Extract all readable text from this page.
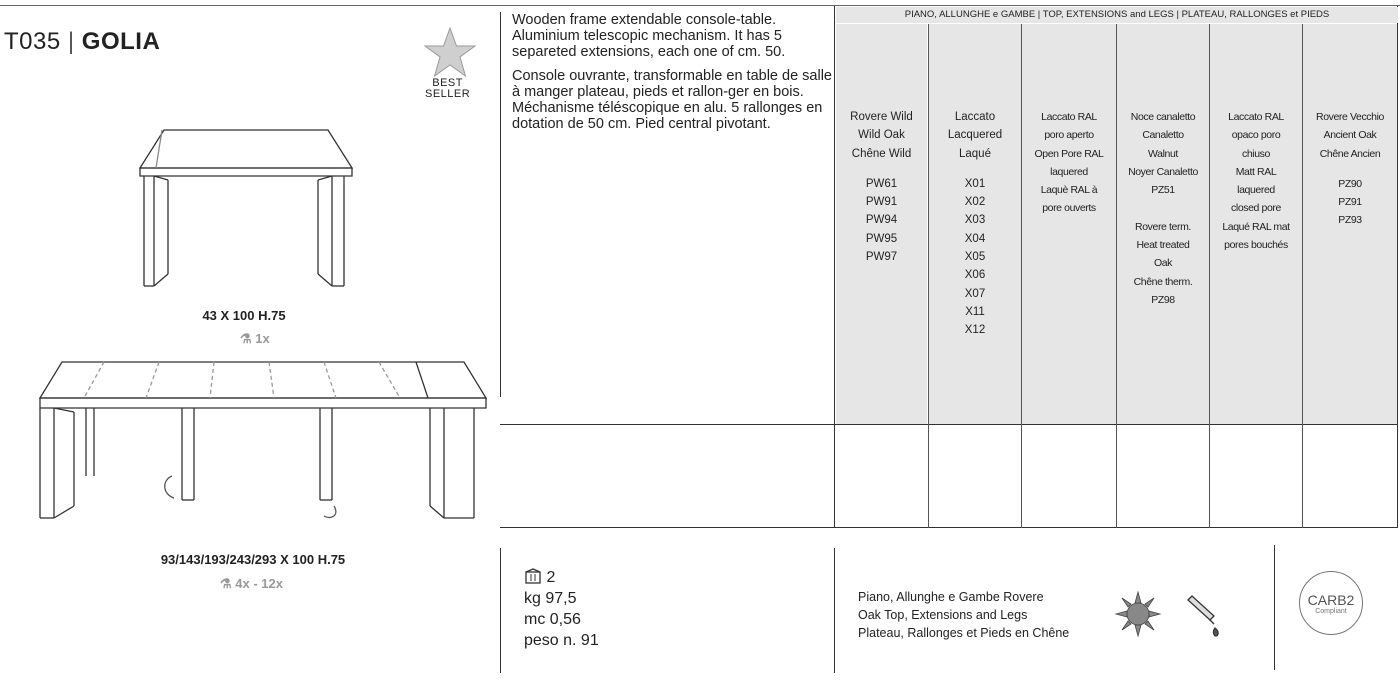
T035 | GOLIA
BEST
SELLER
43 X 100 H.75
⚗ 1x
93/143/193/243/293 X 100 H.75
⚗ 4x - 12x

Wooden frame extendable console-table. Aluminium telescopic mechanism. It has 5 separeted extensions, each one of cm. 50.

Console ouvrante, transformable en table de salle à manger plateau, pieds et rallon-ger en bois. Méchanisme téléscopique en alu. 5 rallonges en dotation de 50 cm. Pied central pivotant.

PIANO, ALLUNGHE e GAMBE | TOP, EXTENSIONS and LEGS | PLATEAU, RALLONGES et PIEDS
Rovere Wild
Wild Oak
Chêne Wild
PW61
PW91
PW94
PW95
PW97
Laccato
Lacquered
Laqué
X01
X02
X03
X04
X05
X06
X07
X11
X12
Laccato RAL
poro aperto
Open Pore RAL
laquered
Laquè RAL à
pore ouverts
Noce canaletto
Canaletto
Walnut
Noyer Canaletto
PZ51

Rovere term.
Heat treated
Oak
Chêne therm.
PZ98
Laccato RAL
opaco poro
chiuso
Matt RAL
laquered
closed pore
Laqué RAL mat
pores bouchés
Rovere Vecchio
Ancient Oak
Chêne Ancien
PZ90
PZ91
PZ93
2
kg 97,5
mc 0,56
peso n. 91
Piano, Allunghe e Gambe Rovere
Oak Top, Extensions and Legs
Plateau, Rallonges et Pieds en Chêne
CARB2
Compliant
